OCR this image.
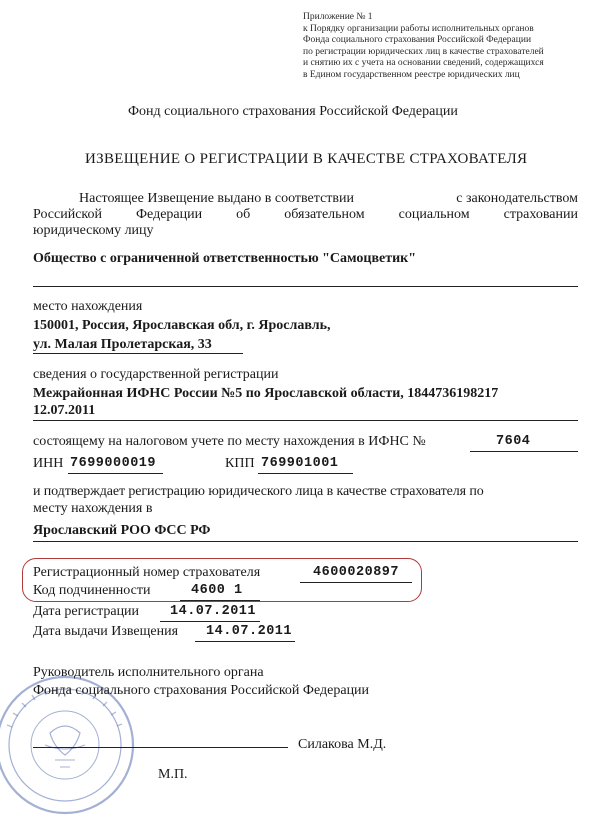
Приложение № 1
к Порядку организации работы исполнительных органов
Фонда социального страхования Российской Федерации
по регистрации юридических лиц в качестве страхователей
и снятию их с учета на основании сведений, содержащихся
в Едином государственном реестре юридических лиц
Фонд социального страхования Российской Федерации
ИЗВЕЩЕНИЕ О РЕГИСТРАЦИИ В КАЧЕСТВЕ СТРАХОВАТЕЛЯ
Настоящее Извещение выдано в соответствии	с законодательством
Российской Федерации об обязательном социальном страховании
юридическому лицу
Общество с ограниченной ответственностью "Самоцветик"
место нахождения
150001, Россия, Ярославская обл, г. Ярославль,
ул. Малая Пролетарская, 33
сведения о государственной регистрации
Межрайонная ИФНС России №5 по Ярославской области, 1844736198217
12.07.2011
состоящему на налоговом учете по месту нахождения в ИФНС №	7604
ИНН 7699000019	КПП 769901001
и подтверждает регистрацию юридического лица в качестве страхователя по
месту нахождения в
Ярославский РОО ФСС РФ
Регистрационный номер страхователя	4600020897
Код подчиненности	4600 1
Дата регистрации 14.07.2011
Дата выдачи Извещения 14.07.2011
Руководитель исполнительного органа
Фонда социального страхования Российской Федерации
Силакова М.Д.
М.П.
